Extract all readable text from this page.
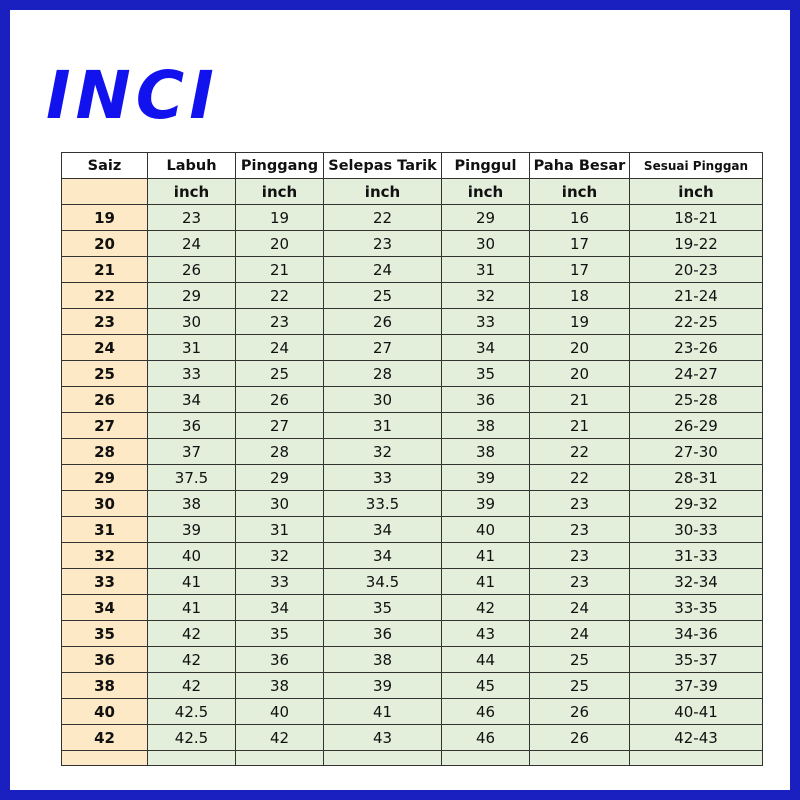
INCI
Saiz	Labuh	Pinggang	Selepas Tarik	Pinggul	Paha Besar	Sesuai Pinggan
	inch	inch	inch	inch	inch	inch
19	23	19	22	29	16	18-21
20	24	20	23	30	17	19-22
21	26	21	24	31	17	20-23
22	29	22	25	32	18	21-24
23	30	23	26	33	19	22-25
24	31	24	27	34	20	23-26
25	33	25	28	35	20	24-27
26	34	26	30	36	21	25-28
27	36	27	31	38	21	26-29
28	37	28	32	38	22	27-30
29	37.5	29	33	39	22	28-31
30	38	30	33.5	39	23	29-32
31	39	31	34	40	23	30-33
32	40	32	34	41	23	31-33
33	41	33	34.5	41	23	32-34
34	41	34	35	42	24	33-35
35	42	35	36	43	24	34-36
36	42	36	38	44	25	35-37
38	42	38	39	45	25	37-39
40	42.5	40	41	46	26	40-41
42	42.5	42	43	46	26	42-43
